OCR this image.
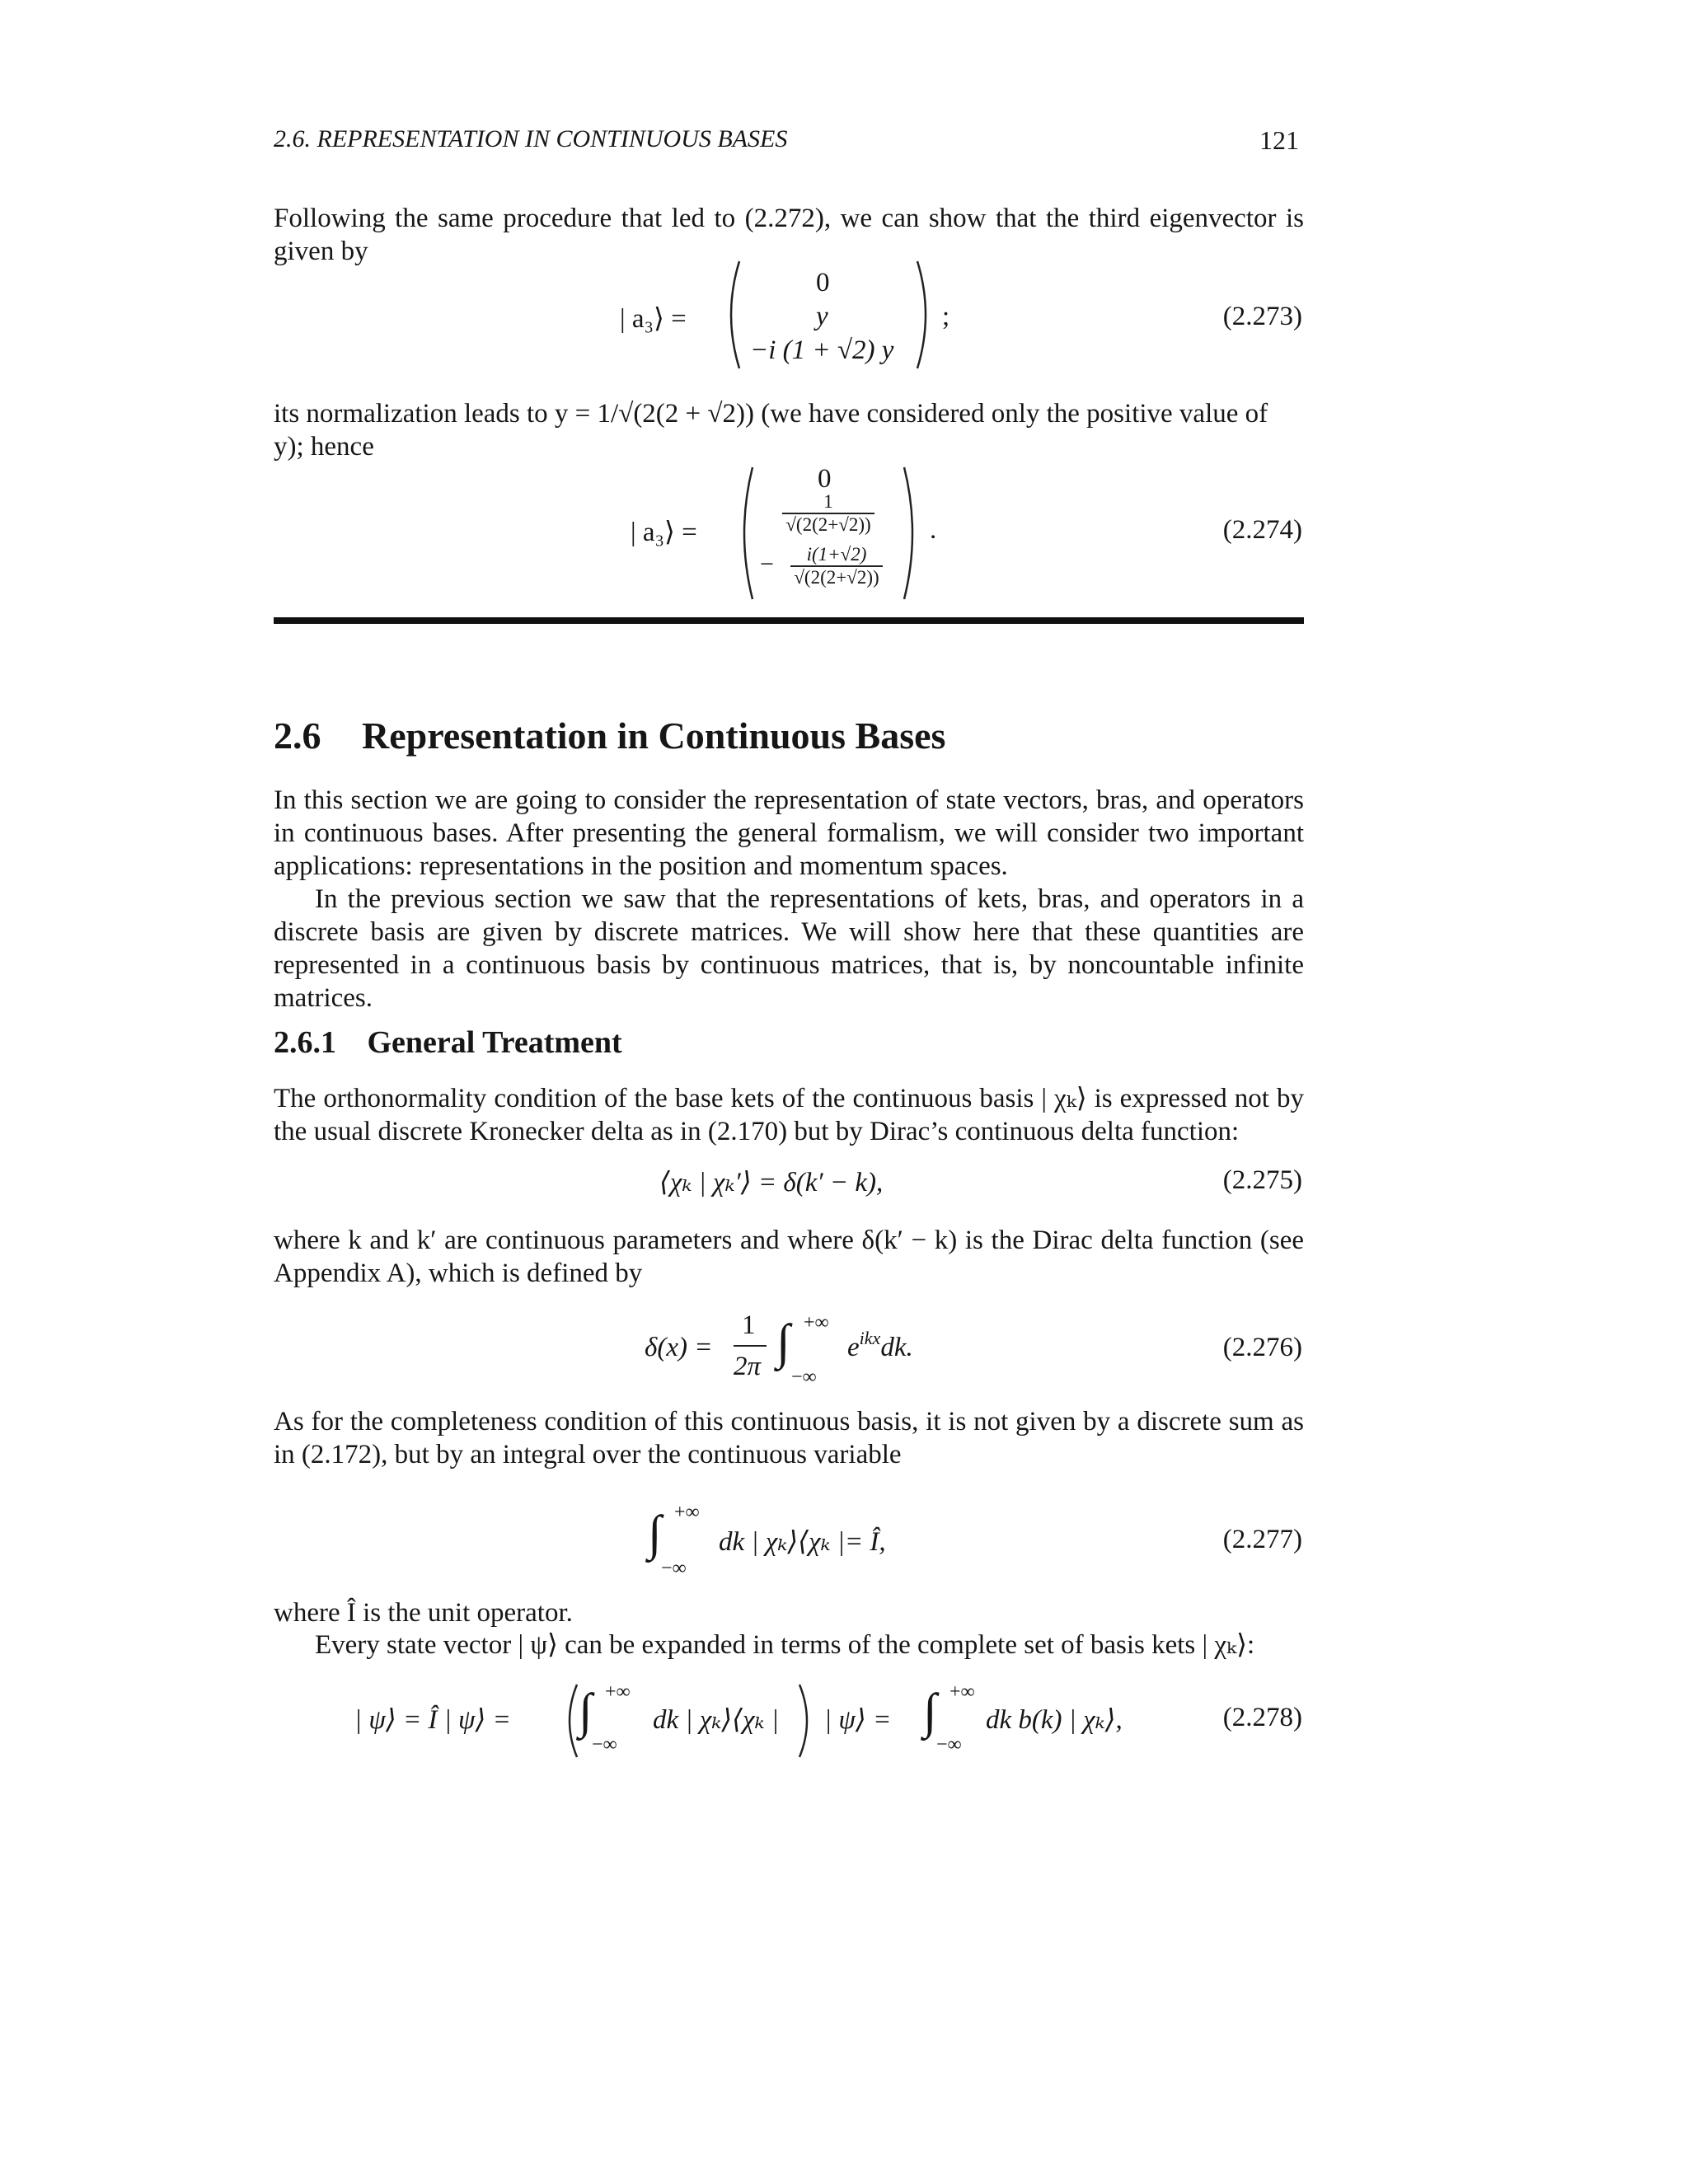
2.6. REPRESENTATION IN CONTINUOUS BASES	121
Following the same procedure that led to (2.272), we can show that the third eigenvector is given by
| a₃⟩ =
0
y
−i (1 + √2) y
;	(2.273)
its normalization leads to y = 1/√(2(2 + √2)) (we have considered only the positive value of
y); hence
| a₃⟩ =
0
$\frac{1}{√(2(2+√2))}$
− $\frac{i(1+√2)}{√(2(2+√2))}$
.	(2.274)
2.6 Representation in Continuous Bases
In this section we are going to consider the representation of state vectors, bras, and operators in continuous bases. After presenting the general formalism, we will consider two important applications: representations in the position and momentum spaces.
In the previous section we saw that the representations of kets, bras, and operators in a discrete basis are given by discrete matrices. We will show here that these quantities are represented in a continuous basis by continuous matrices, that is, by noncountable infinite matrices.
2.6.1 General Treatment
The orthonormality condition of the base kets of the continuous basis | χₖ⟩ is expressed not by the usual discrete Kronecker delta as in (2.170) but by Dirac’s continuous delta function:
⟨χₖ | χₖ′⟩ = δ(k′ − k),	(2.275)
where k and k′ are continuous parameters and where δ(k′ − k) is the Dirac delta function (see Appendix A), which is defined by
δ(x) =
1
2π ∫ +∞
−∞
$e^{ikx}dk$.	(2.276)
As for the completeness condition of this continuous basis, it is not given by a discrete sum as in (2.172), but by an integral over the continuous variable
∫ +∞
−∞
dk | χₖ⟩⟨χₖ |= Î,	(2.277)
where Î is the unit operator.
Every state vector | ψ⟩ can be expanded in terms of the complete set of basis kets | χₖ⟩:
| ψ⟩ = Î | ψ⟩ = ∫ +∞
−∞
dk | χₖ⟩⟨χₖ | | ψ⟩ = ∫ +∞
−∞
dk b(k) | χₖ⟩,	(2.278)
